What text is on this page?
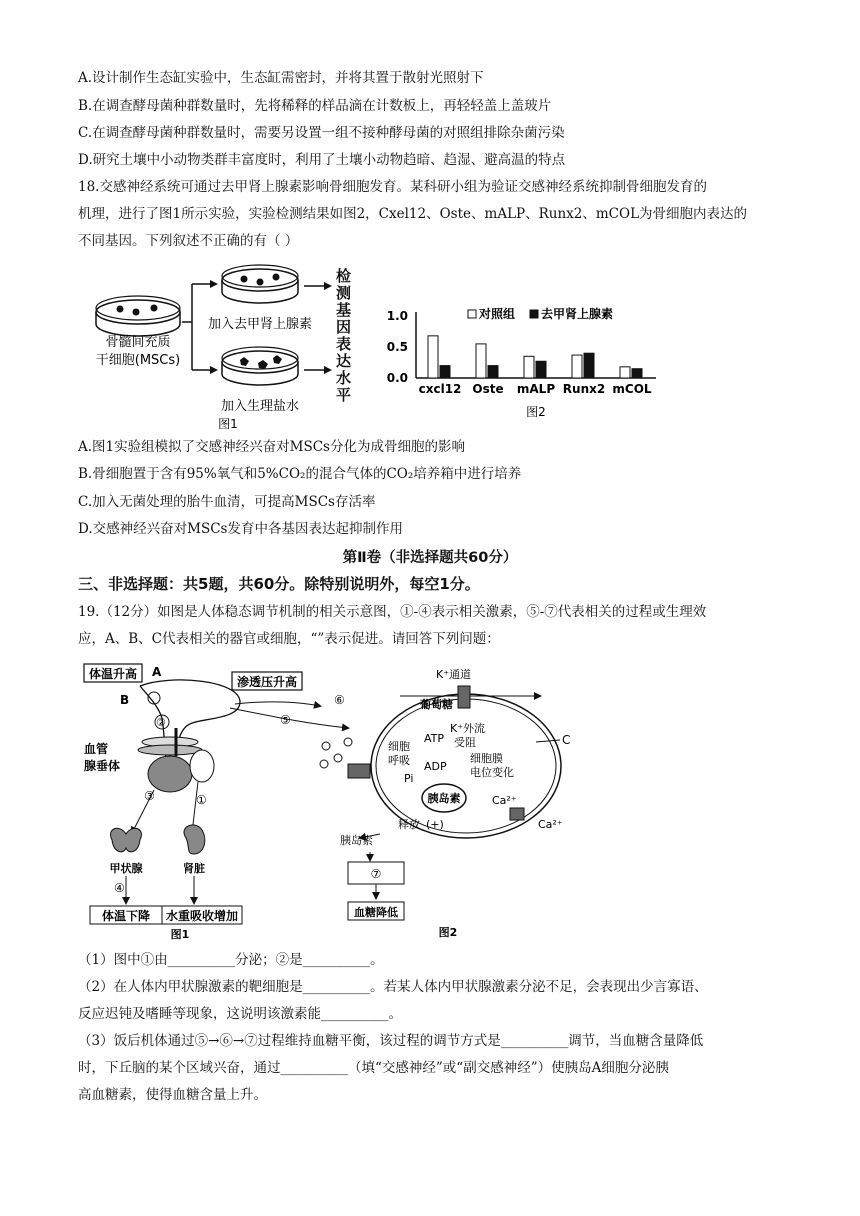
A.设计制作生态缸实验中，生态缸需密封，并将其置于散射光照射下
B.在调查酵母菌种群数量时，先将稀释的样品滴在计数板上，再轻轻盖上盖玻片
C.在调查酵母菌种群数量时，需要另设置一组不接种酵母菌的对照组排除杂菌污染
D.研究土壤中小动物类群丰富度时，利用了土壤小动物趋暗、趋湿、避高温的特点
18.交感神经系统可通过去甲肾上腺素影响骨细胞发育。某科研小组为验证交感神经系统抑制骨细胞发育的
机理，进行了图1所示实验，实验检测结果如图2，Cxel12、Oste、mALP、Runx2、mCOL为骨细胞内表达的
不同基因。下列叙述不正确的有（ ）
骨髓间充质
干细胞(MSCs)
加入去甲肾上腺素
加入生理盐水
图1
检
测
基
因
表
达
水
平
1.0
0.5
0.0
cxcl12 Oste mALP Runx2 mCOL
图2
对照组 去甲肾上腺素
A.图1实验组模拟了交感神经兴奋对MSCs分化为成骨细胞的影响
B.骨细胞置于含有95%氧气和5%CO₂的混合气体的CO₂培养箱中进行培养
C.加入无菌处理的胎牛血清，可提高MSCs存活率
D.交感神经兴奋对MSCs发育中各基因表达起抑制作用
第Ⅱ卷（非选择题共60分）
三、非选择题：共5题，共60分。除特别说明外，每空1分。
19.（12分）如图是人体稳态调节机制的相关示意图，①-④表示相关激素，⑤-⑦代表相关的过程或生理效
应，A、B、C代表相关的器官或细胞，“”表示促进。请回答下列问题：
体温升高 A
渗透压升高
B
②
血管
腺垂体
③	①
甲状腺	肾脏
④
体温下降 水重吸收增加
图1
⑤
⑥
K⁺通道
葡萄糖
ATP
细胞
呼吸
K⁺外流
受阻
细胞膜
电位变化
ADP
Pi
C
胰岛素	Ca²⁺
Ca²⁺
释放 (+)
胰岛素
⑦
血糖降低
图2
（1）图中①由__________分泌；②是__________。
（2）在人体内甲状腺激素的靶细胞是__________。若某人体内甲状腺激素分泌不足，会表现出少言寡语、
反应迟钝及嗜睡等现象，这说明该激素能__________。
（3）饭后机体通过⑤→⑥→⑦过程维持血糖平衡，该过程的调节方式是__________调节，当血糖含量降低
时，下丘脑的某个区域兴奋，通过__________（填“交感神经”或“副交感神经”）使胰岛A细胞分泌胰
高血糖素，使得血糖含量上升。
